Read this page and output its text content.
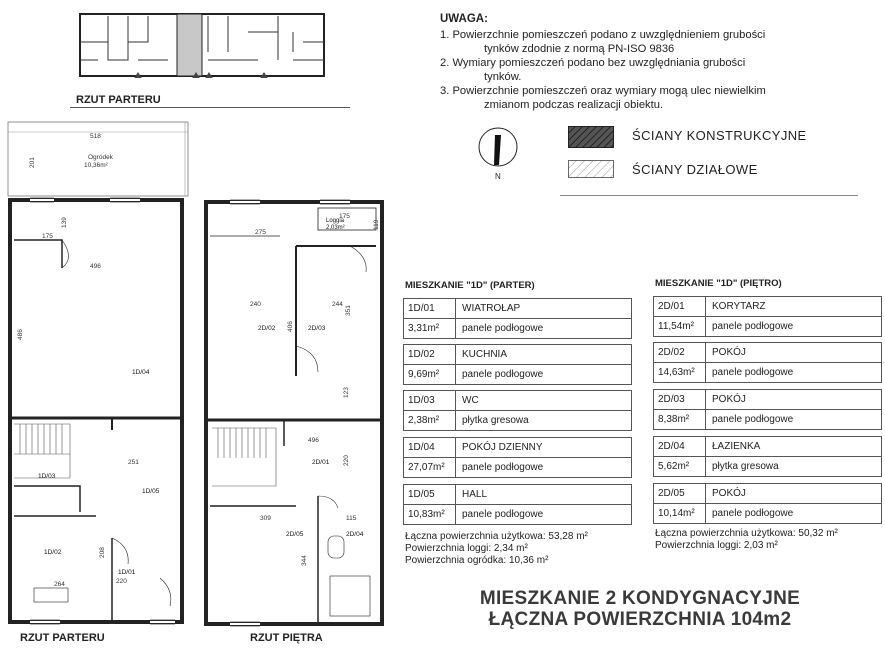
RZUT PARTERU
UWAGA:
1. Powierzchnie pomieszczeń podano z uwzględnieniem grubości
tynków zdodnie z normą PN-ISO 9836
2. Wymiary pomieszczeń podano bez uwzględniania grubości
tynków.
3. Powierzchnie pomieszczeń oraz wymiary mogą ulec niewielkim
zmianom podczas realizacji obiektu.
N
ŚCIANY KONSTRUKCYJNE
ŚCIANY DZIAŁOWE
MIESZKANIE "1D" (PARTER)
1D/01	WIATROŁAP
3,31m²	panele podłogowe
1D/02	KUCHNIA
9,69m²	panele podłogowe
1D/03	WC
2,38m²	płytka gresowa
1D/04	POKÓJ DZIENNY
27,07m²	panele podłogowe
1D/05	HALL
10,83m²	panele podłogowe
Łączna powierzchnia użytkowa: 53,28 m²
Powierzchnia loggi: 2,34 m²
Powierzchnia ogródka: 10,36 m²
MIESZKANIE "1D" (PIĘTRO)
2D/01	KORYTARZ
11,54m²	panele podłogowe
2D/02	POKÓJ
14,63m²	panele podłogowe
2D/03	POKÓJ
8,38m²	panele podłogowe
2D/04	ŁAZIENKA
5,62m²	płytka gresowa
2D/05	POKÓJ
10,14m²	panele podłogowe
Łączna powierzchnia użytkowa: 50,32 m²
Powierzchnia loggi: 2,03 m²
MIESZKANIE 2 KONDYGNACYJNE
ŁĄCZNA POWIERZCHNIA 104m2
518
201	Ogródek
10,36m²
496
139
175
486
251
264	220
208
1D/04
1D/05
1D/03
1D/02
1D/01
RZUT PARTERU
275
175
119
240	244
406
351
123
496
220
309	115
344
Loggia
2,03m²
2D/02	2D/03
2D/01
2D/05	2D/04
RZUT PIĘTRA
